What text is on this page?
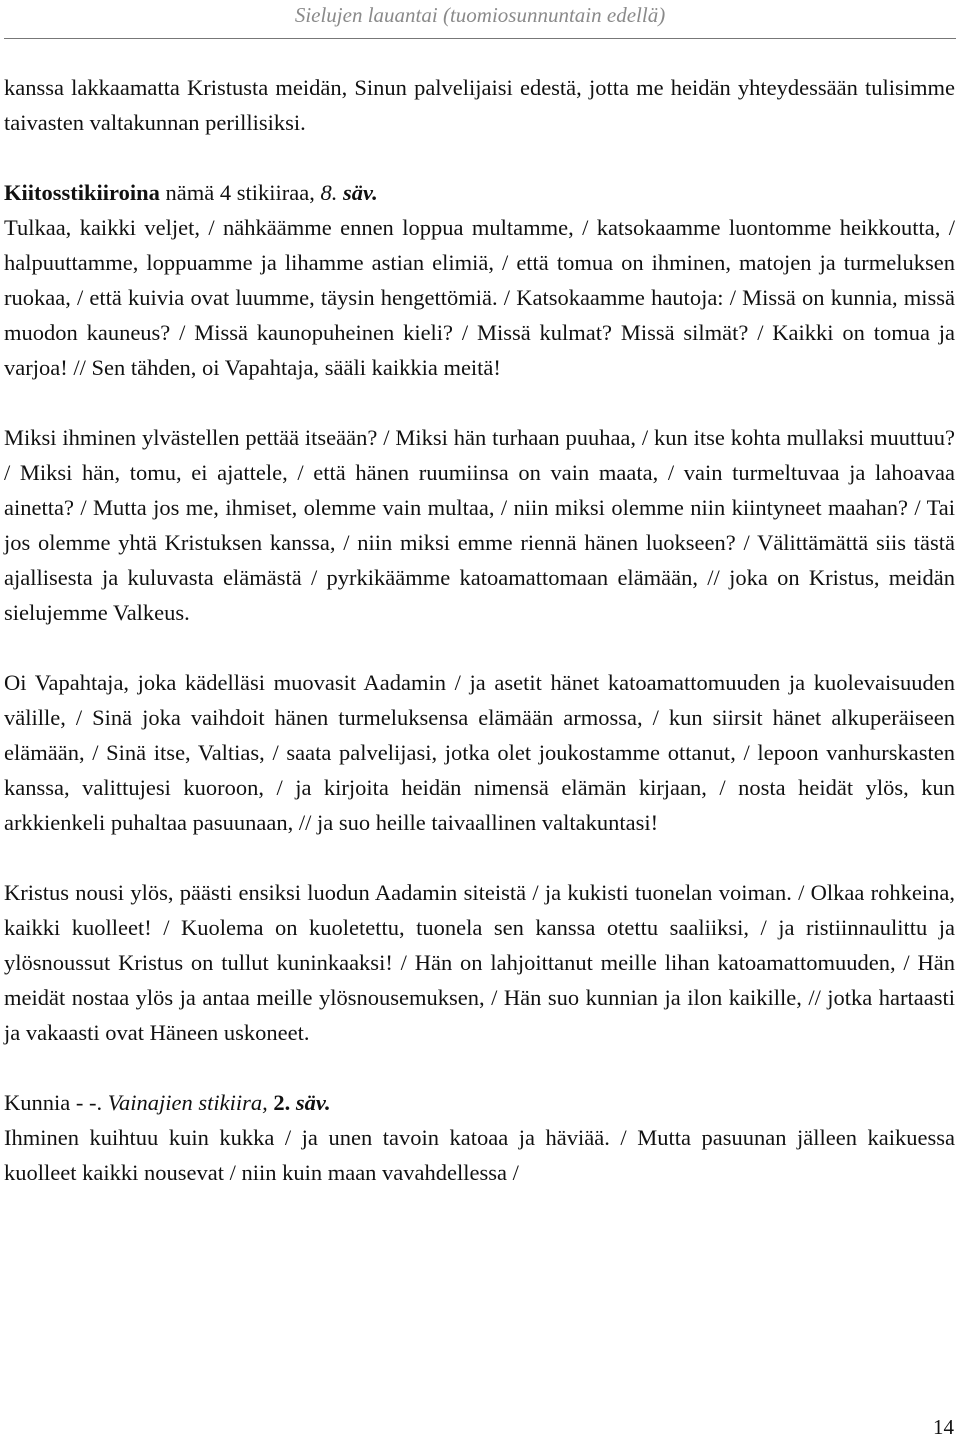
Sielujen lauantai (tuomiosunnuntain edellä)

kanssa lakkaamatta Kristusta meidän, Sinun palvelijaisi edestä, jotta me heidän yhteydessään tulisimme taivasten valtakunnan perillisiksi.

Kiitosstikiiroina nämä 4 stikiiraa, 8. säv.

Tulkaa, kaikki veljet, / nähkäämme ennen loppua multamme, / katsokaamme luontomme heikkoutta, / halpuuttamme, loppuamme ja lihamme astian elimiä, / että tomua on ihminen, matojen ja turmeluksen ruokaa, / että kuivia ovat luumme, täysin hengettömiä. / Katsokaamme hautoja: / Missä on kunnia, missä muodon kauneus? / Missä kaunopuheinen kieli? / Missä kulmat? Missä silmät? / Kaikki on tomua ja varjoa! // Sen tähden, oi Vapahtaja, sääli kaikkia meitä!

Miksi ihminen ylvästellen pettää itseään? / Miksi hän turhaan puuhaa, / kun itse kohta mullaksi muuttuu? / Miksi hän, tomu, ei ajattele, / että hänen ruumiinsa on vain maata, / vain turmeltuvaa ja lahoavaa ainetta? / Mutta jos me, ihmiset, olemme vain multaa, / niin miksi olemme niin kiintyneet maahan? / Tai jos olemme yhtä Kristuksen kanssa, / niin miksi emme riennä hänen luokseen? / Välittämättä siis tästä ajallisesta ja kuluvasta elämästä / pyrkikäämme katoamattomaan elämään, // joka on Kristus, meidän sielujemme Valkeus.

Oi Vapahtaja, joka kädelläsi muovasit Aadamin / ja asetit hänet katoamattomuuden ja kuolevaisuuden välille, / Sinä joka vaihdoit hänen turmeluksensa elämään armossa, / kun siirsit hänet alkuperäiseen elämään, / Sinä itse, Valtias, / saata palvelijasi, jotka olet joukostamme ottanut, / lepoon vanhurskasten kanssa, valittujesi kuoroon, / ja kirjoita heidän nimensä elämän kirjaan, / nosta heidät ylös, kun arkkienkeli puhaltaa pasuunaan, // ja suo heille taivaallinen valtakuntasi!

Kristus nousi ylös, päästi ensiksi luodun Aadamin siteistä / ja kukisti tuonelan voiman. / Olkaa rohkeina, kaikki kuolleet! / Kuolema on kuoletettu, tuonela sen kanssa otettu saaliiksi, / ja ristiinnaulittu ja ylösnoussut Kristus on tullut kuninkaaksi! / Hän on lahjoittanut meille lihan katoamattomuuden, / Hän meidät nostaa ylös ja antaa meille ylösnousemuksen, / Hän suo kunnian ja ilon kaikille, // jotka hartaasti ja vakaasti ovat Häneen uskoneet.

Kunnia - -. Vainajien stikiira, 2. säv.

Ihminen kuihtuu kuin kukka / ja unen tavoin katoaa ja häviää. / Mutta pasuunan jälleen kaikuessa kuolleet kaikki nousevat / niin kuin maan vavahdellessa /

14
